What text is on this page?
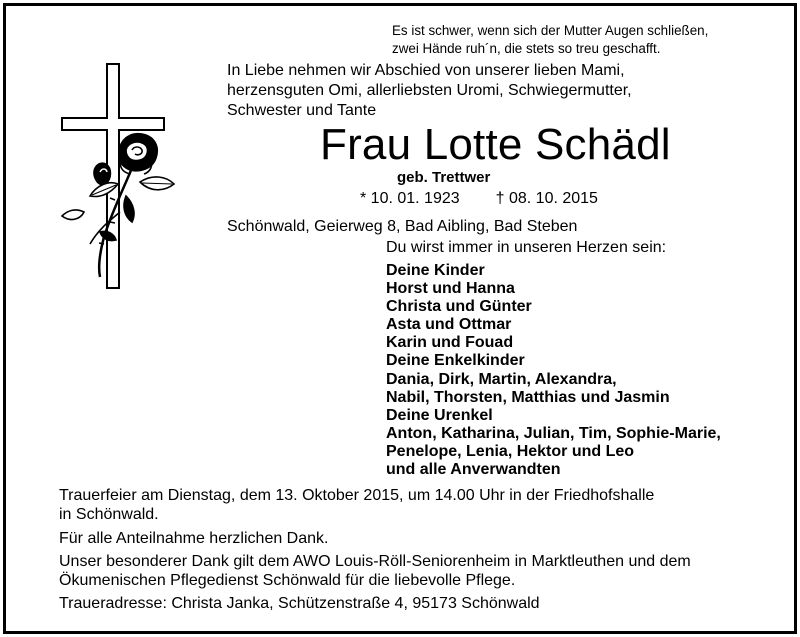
Es ist schwer, wenn sich der Mutter Augen schließen,
zwei Hände ruh´n, die stets so treu geschafft.
In Liebe nehmen wir Abschied von unserer lieben Mami,
herzensguten Omi, allerliebsten Uromi, Schwiegermutter,
Schwester und Tante
Frau Lotte Schädl
geb. Trettwer
* 10. 01. 1923 † 08. 10. 2015
Schönwald, Geierweg 8, Bad Aibling, Bad Steben
Du wirst immer in unseren Herzen sein:
Deine Kinder
Horst und Hanna
Christa und Günter
Asta und Ottmar
Karin und Fouad
Deine Enkelkinder
Dania, Dirk, Martin, Alexandra,
Nabil, Thorsten, Matthias und Jasmin
Deine Urenkel
Anton, Katharina, Julian, Tim, Sophie-Marie,
Penelope, Lenia, Hektor und Leo
und alle Anverwandten
Trauerfeier am Dienstag, dem 13. Oktober 2015, um 14.00 Uhr in der Friedhofshalle
in Schönwald.
Für alle Anteilnahme herzlichen Dank.
Unser besonderer Dank gilt dem AWO Louis-Röll-Seniorenheim in Marktleuthen und dem
Ökumenischen Pflegedienst Schönwald für die liebevolle Pflege.
Traueradresse: Christa Janka, Schützenstraße 4, 95173 Schönwald
